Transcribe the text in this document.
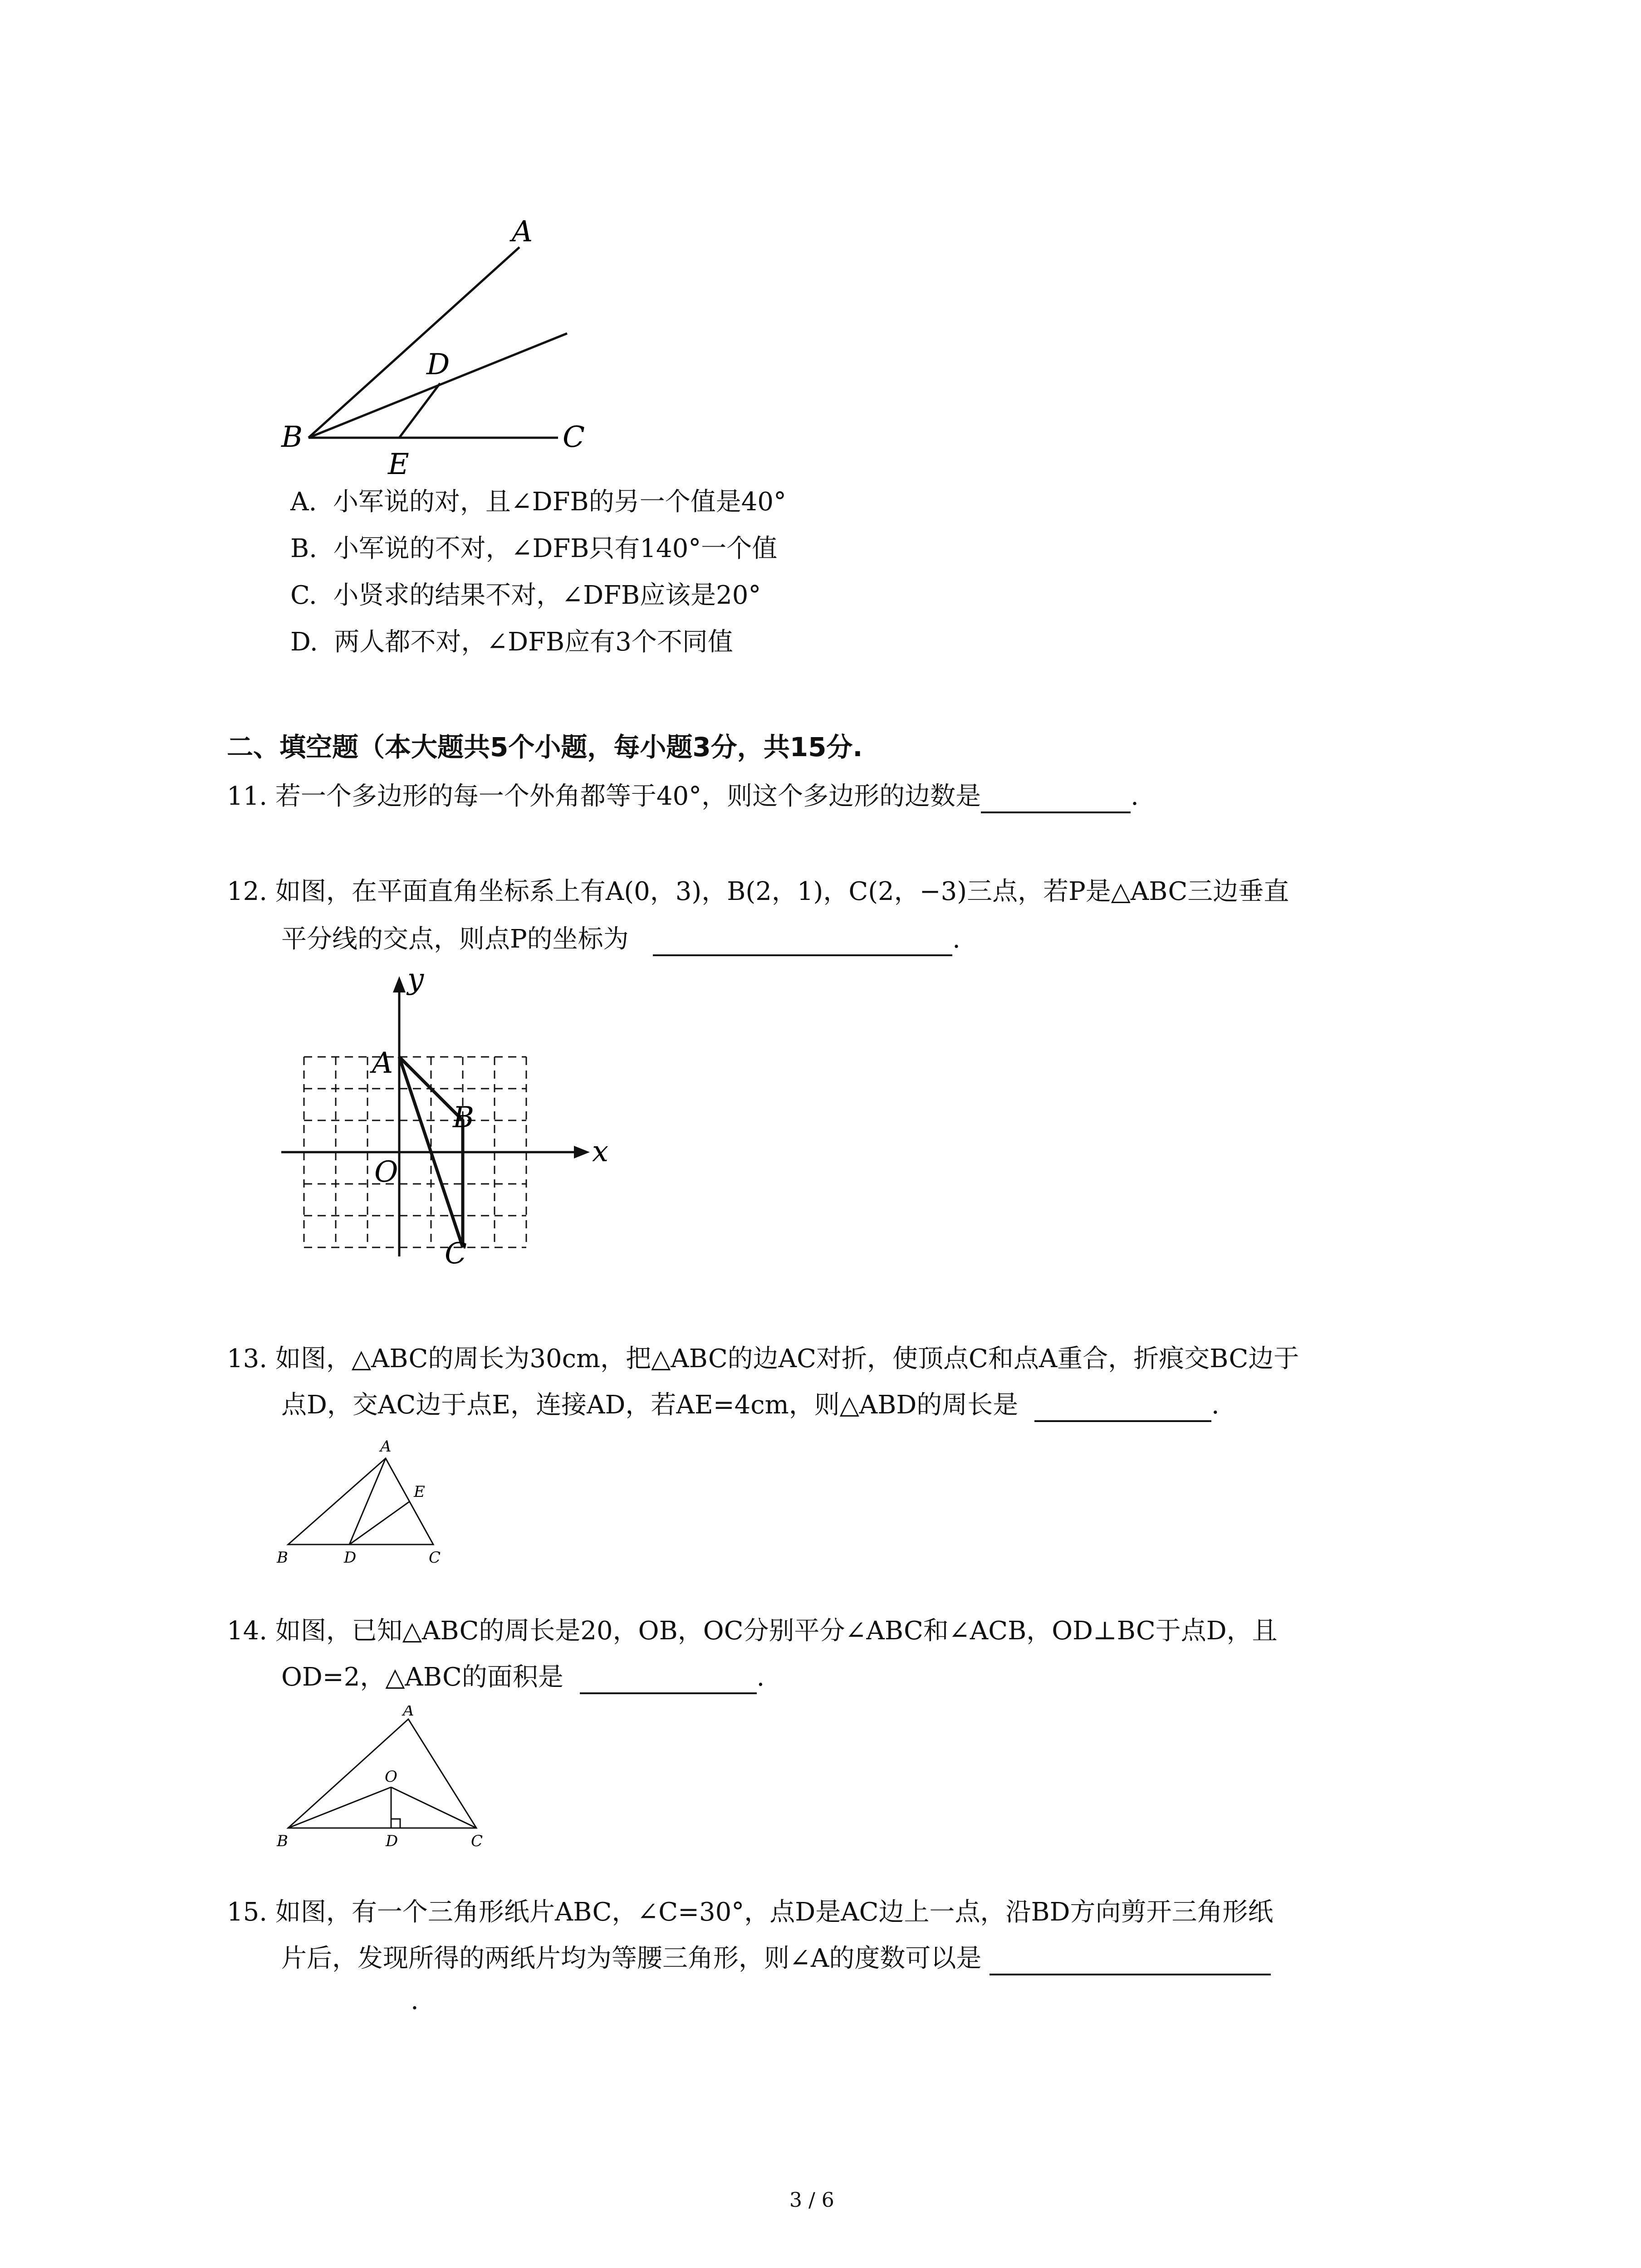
A
D
B
E
C
A. 小军说的对，且∠DFB的另一个值是40°
B. 小军说的不对，∠DFB只有140°一个值
C. 小贤求的结果不对，∠DFB应该是20°
D. 两人都不对，∠DFB应有3个不同值
二、填空题（本大题共5个小题，每小题3分，共15分.
11. 若一个多边形的每一个外角都等于40°，则这个多边形的边数是	.
12. 如图，在平面直角坐标系上有A(0，3)，B(2，1)，C(2，−3)三点，若P是△ABC三边垂直
平分线的交点，则点P的坐标为	.
y
x
A
B
O
C
13. 如图，△ABC的周长为30cm，把△ABC的边AC对折，使顶点C和点A重合，折痕交BC边于
点D，交AC边于点E，连接AD，若AE=4cm，则△ABD的周长是	.
A
E
B	D	C
14. 如图，已知△ABC的周长是20，OB，OC分别平分∠ABC和∠ACB，OD⊥BC于点D，且
OD=2，△ABC的面积是	.
A
O
B	D	C
15. 如图，有一个三角形纸片ABC，∠C=30°，点D是AC边上一点，沿BD方向剪开三角形纸
片后，发现所得的两纸片均为等腰三角形，则∠A的度数可以是
.
3 / 6
